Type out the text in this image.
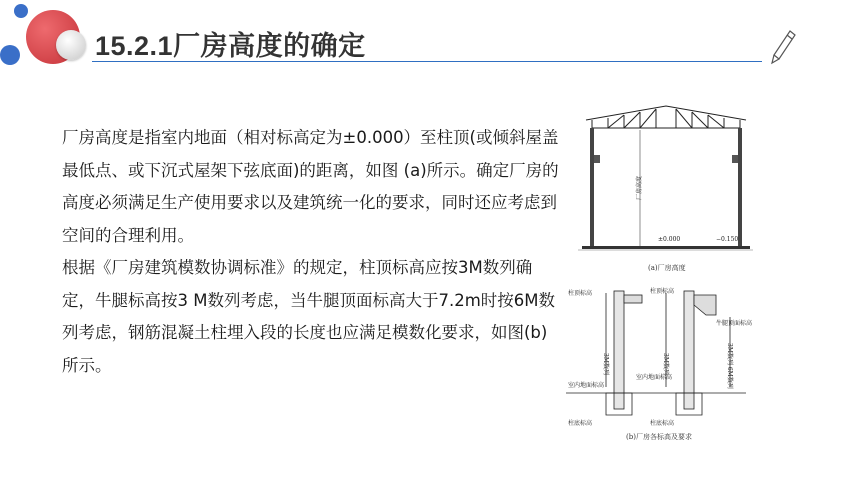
15.2.1厂房高度的确定

厂房高度是指室内地面（相对标高定为±0.000）至柱顶(或倾斜屋盖最低点、或下沉式屋架下弦底面)的距离，如图 (a)所示。确定厂房的高度必须满足生产使用要求以及建筑统一化的要求，同时还应考虑到空间的合理利用。

根据《厂房建筑模数协调标准》的规定，柱顶标高应按3M数列确定，牛腿标高按3 M数列考虑，当牛腿顶面标高大于7.2m时按6M数列考虑，钢筋混凝土柱埋入段的长度也应满足模数化要求，如图(b)所示。

厂房高度
±0.000	−0.150
(a)厂房高度
柱顶标高	柱顶标高
牛腿顶面标高
室内地面标高
室内地面标高
柱底标高	柱底标高
3M数列	3M数列	3M数列 6M数列
(b)厂房各标高及要求
